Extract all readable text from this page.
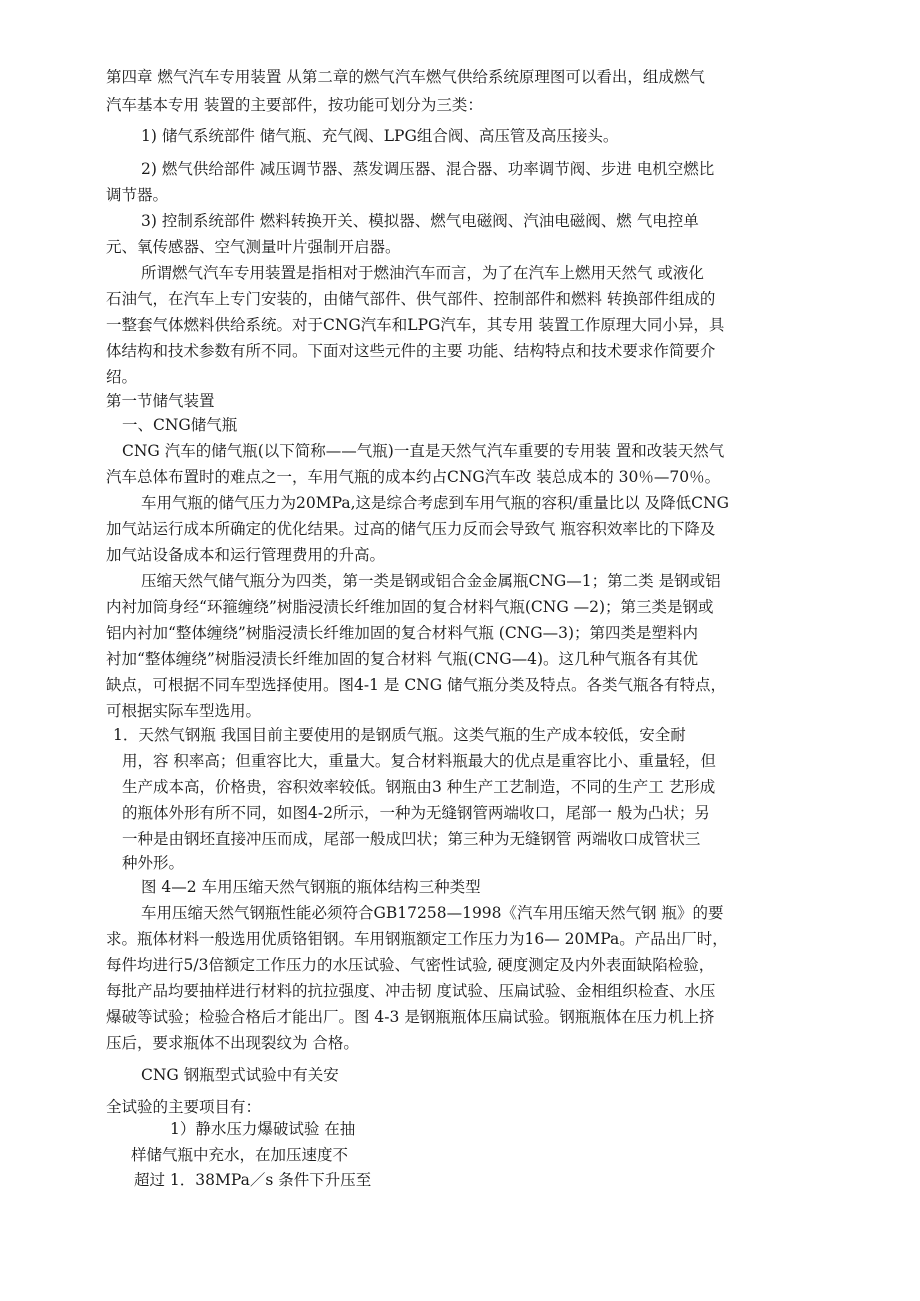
第四章 燃气汽车专用装置 从第二章的燃气汽车燃气供给系统原理图可以看出，组成燃气
汽车基本专用 装置的主要部件，按功能可划分为三类：
1) 储气系统部件 储气瓶、充气阀、LPG组合阀、高压管及高压接头。
2) 燃气供给部件 减压调节器、蒸发调压器、混合器、功率调节阀、步进 电机空燃比
调节器。
3) 控制系统部件 燃料转换开关、模拟器、燃气电磁阀、汽油电磁阀、燃 气电控单
元、氧传感器、空气测量叶片强制开启器。
所谓燃气汽车专用装置是指相对于燃油汽车而言，为了在汽车上燃用天然气 或液化
石油气，在汽车上专门安装的，由储气部件、供气部件、控制部件和燃料 转换部件组成的
一整套气体燃料供给系统。对于CNG汽车和LPG汽车，其专用 装置工作原理大同小异，具
体结构和技术参数有所不同。下面对这些元件的主要 功能、结构特点和技术要求作简要介
绍。
第一节储气装置
一、CNG储气瓶
CNG 汽车的储气瓶(以下简称——气瓶)一直是天然气汽车重要的专用装 置和改装天然气
汽车总体布置时的难点之一，车用气瓶的成本约占CNG汽车改 装总成本的 30％—70％。
车用气瓶的储气压力为20MPa,这是综合考虑到车用气瓶的容积/重量比以 及降低CNG
加气站运行成本所确定的优化结果。过高的储气压力反而会导致气 瓶容积效率比的下降及
加气站设备成本和运行管理费用的升高。
压缩天然气储气瓶分为四类，第一类是钢或铝合金金属瓶CNG—1；第二类 是钢或铝
内衬加筒身经“环箍缠绕”树脂浸渍长纤维加固的复合材料气瓶(CNG —2)；第三类是钢或
铝内衬加“整体缠绕”树脂浸渍长纤维加固的复合材料气瓶 (CNG—3)；第四类是塑料内
衬加“整体缠绕”树脂浸渍长纤维加固的复合材料 气瓶(CNG—4)。这几种气瓶各有其优
缺点，可根据不同车型选择使用。图4-1 是 CNG 储气瓶分类及特点。各类气瓶各有特点，
可根据实际车型选用。
1．天然气钢瓶 我国目前主要使用的是钢质气瓶。这类气瓶的生产成本较低，安全耐
用，容 积率高；但重容比大，重量大。复合材料瓶最大的优点是重容比小、重量轻，但
生产成本高，价格贵，容积效率较低。钢瓶由3 种生产工艺制造，不同的生产工 艺形成
的瓶体外形有所不同，如图4-2所示，一种为无缝钢管两端收口，尾部一 般为凸状；另
一种是由钢坯直接冲压而成，尾部一般成凹状；第三种为无缝钢管 两端收口成管状三
种外形。
图 4—2 车用压缩天然气钢瓶的瓶体结构三种类型
车用压缩天然气钢瓶性能必须符合GB17258—1998《汽车用压缩天然气钢 瓶》的要
求。瓶体材料一般选用优质铬钼钢。车用钢瓶额定工作压力为16— 20MPa。产品出厂时，
每件均进行5/3倍额定工作压力的水压试验、气密性试验, 硬度测定及内外表面缺陷检验，
每批产品均要抽样进行材料的抗拉强度、冲击韧 度试验、压扁试验、金相组织检查、水压
爆破等试验；检验合格后才能出厂。图 4-3 是钢瓶瓶体压扁试验。钢瓶瓶体在压力机上挤
压后，要求瓶体不出现裂纹为 合格。
CNG 钢瓶型式试验中有关安
全试验的主要项目有：
1）静水压力爆破试验 在抽
样储气瓶中充水，在加压速度不
超过 1．38MPa／s 条件下升压至
